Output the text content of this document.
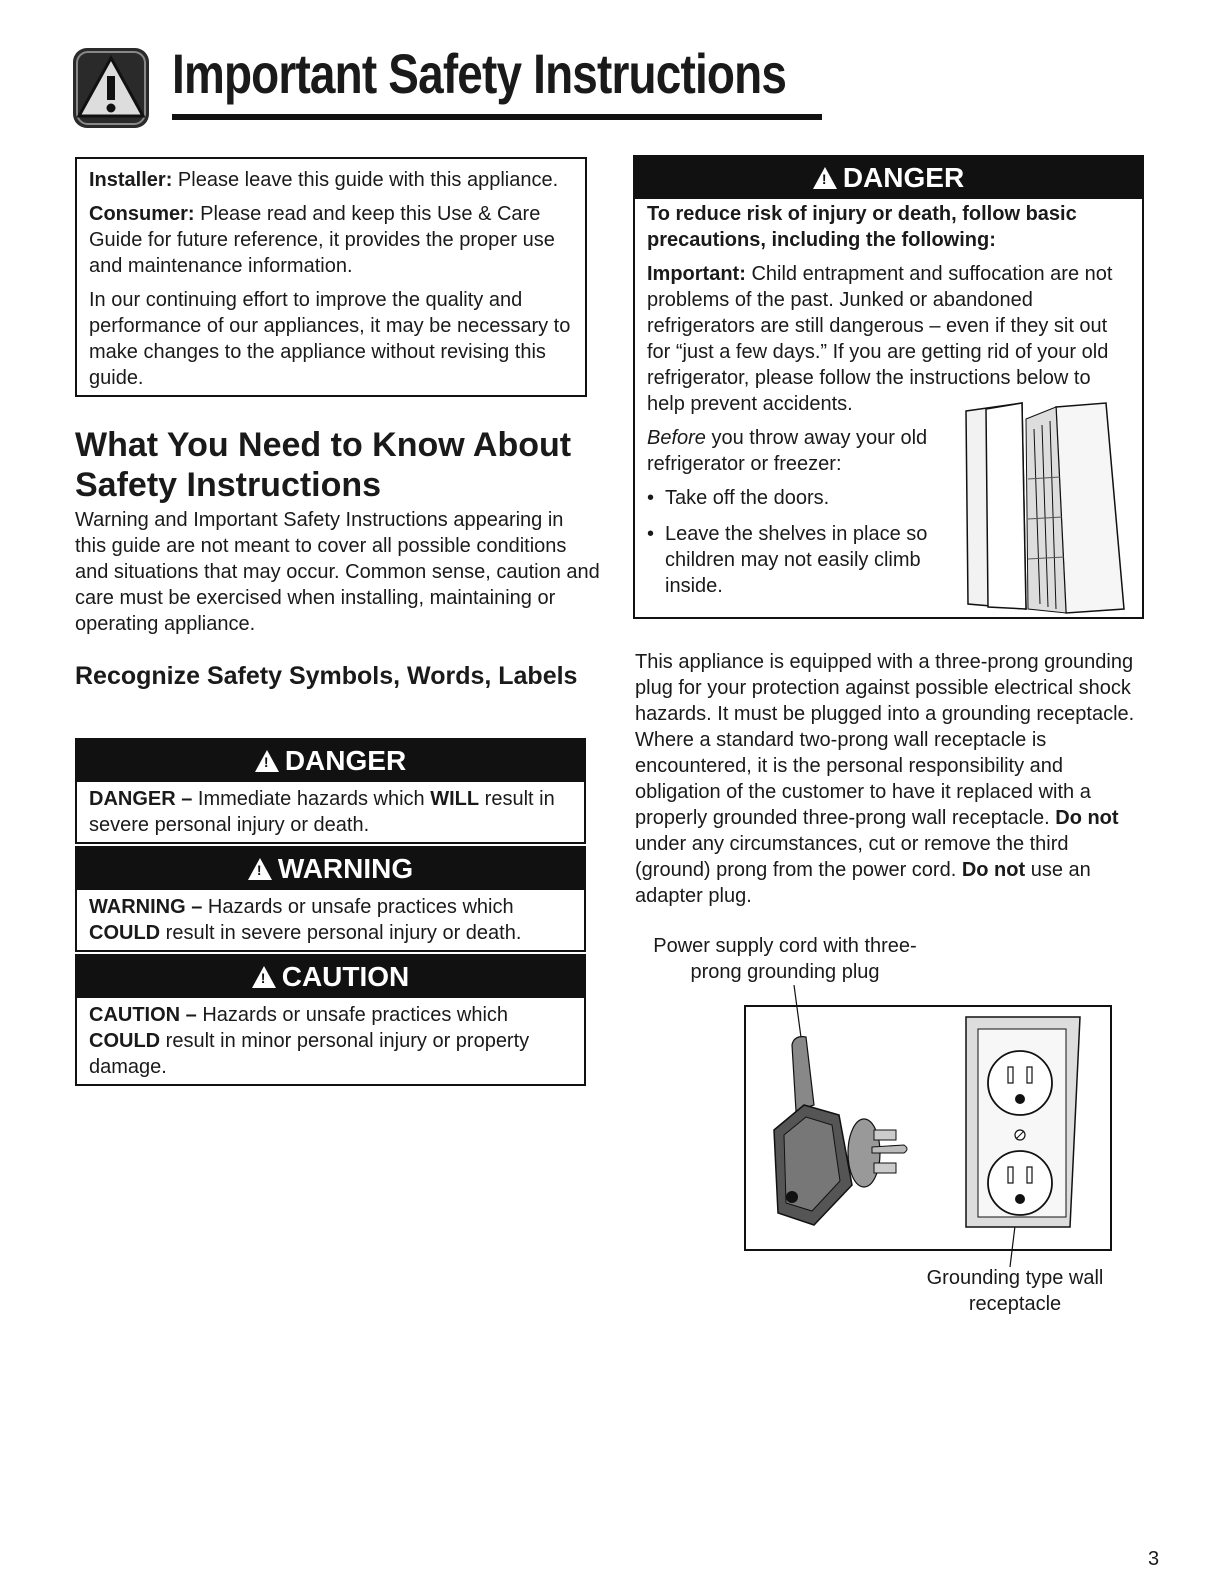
Important Safety Instructions

Installer: Please leave this guide with this appliance.

Consumer: Please read and keep this Use & Care Guide for future reference, it provides the proper use and maintenance information.

In our continuing effort to improve the quality and performance of our appliances, it may be necessary to make changes to the appliance without revising this guide.

What You Need to Know About Safety Instructions
Warning and Important Safety Instructions appearing in this guide are not meant to cover all possible conditions and situations that may occur. Common sense, caution and care must be exercised when installing, maintaining or operating appliance.
Recognize Safety Symbols, Words, Labels
!DANGER
DANGER – Immediate hazards which WILL result in severe personal injury or death.
!WARNING
WARNING – Hazards or unsafe practices which COULD result in severe personal injury or death.
!CAUTION
CAUTION – Hazards or unsafe practices which COULD result in minor personal injury or property damage.
!DANGER

To reduce risk of injury or death, follow basic precautions, including the following:

Important: Child entrapment and suffocation are not problems of the past. Junked or abandoned refrigerators are still dangerous – even if they sit out for “just a few days.” If you are getting rid of your old refrigerator, please follow the instructions below to help prevent accidents.

Before you throw away your old refrigerator or freezer:

• Take off the doors.
• Leave the shelves in place so children may not easily climb inside.
This appliance is equipped with a three-prong grounding plug for your protection against possible electrical shock hazards. It must be plugged into a grounding receptacle. Where a standard two-prong wall receptacle is encountered, it is the personal responsibility and obligation of the customer to have it replaced with a properly grounded three-prong wall receptacle. Do not under any circumstances, cut or remove the third (ground) prong from the power cord. Do not use an adapter plug.
Power supply cord with three-prong grounding plug
Grounding type wall receptacle
3
